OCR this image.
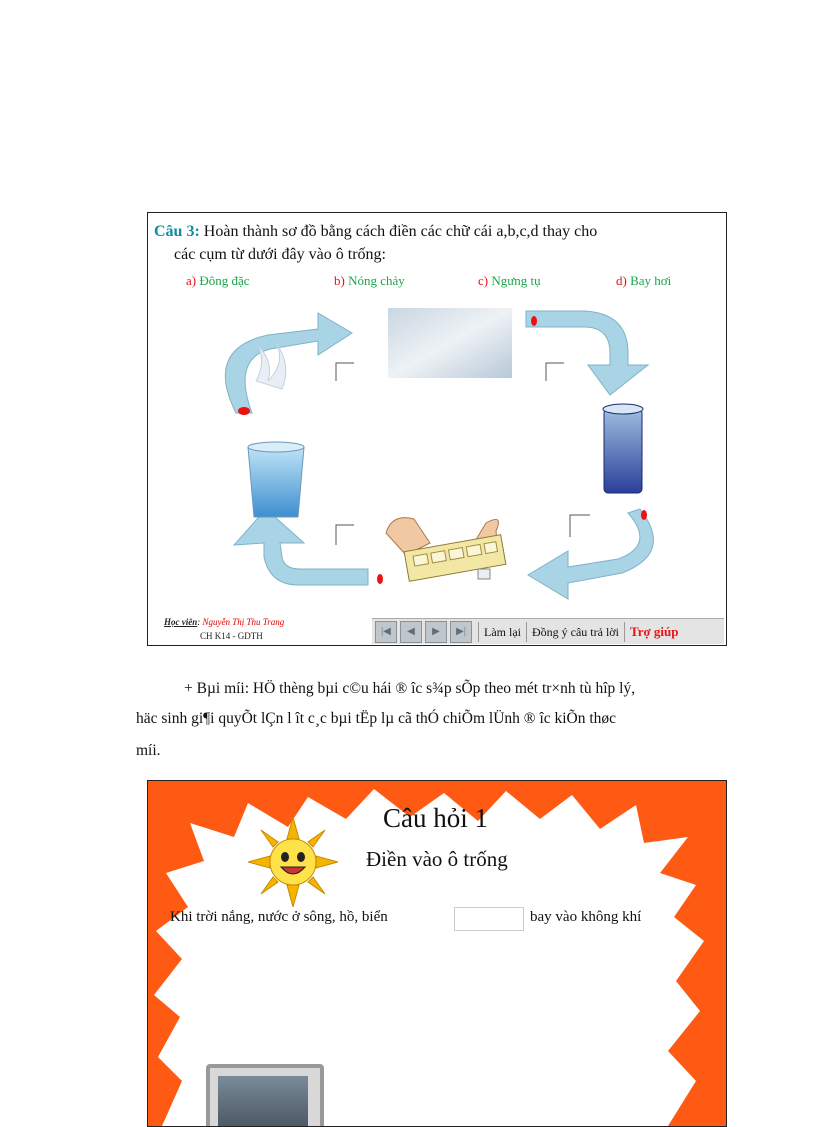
Câu 3: Hoàn thành sơ đồ bằng cách điền các chữ cái a,b,c,d thay cho
các cụm từ dưới đây vào ô trống:
a) Đông đặc	b) Nóng chảy	c) Ngưng tụ	d) Bay hơi
Học viên: Nguyễn Thị Thu Trang
CH K14 - GDTH	|◀	◀	▶	▶|	Làm lại Đồng ý câu trả lời Trợ giúp
+ Bµi míi: HÖ thèng bµi c©u hái ® îc s¾p sÕp theo mét tr×nh tù hîp lý,
häc sinh gi¶i quyÕt lÇn l ît c¸c bµi tËp lµ cã thÓ chiÕm lÜnh ® îc kiÕn thøc
míi.
Câu hỏi 1
Điền vào ô trống
Khi trời nắng, nước ở sông, hồ, biển	bay vào không khí
